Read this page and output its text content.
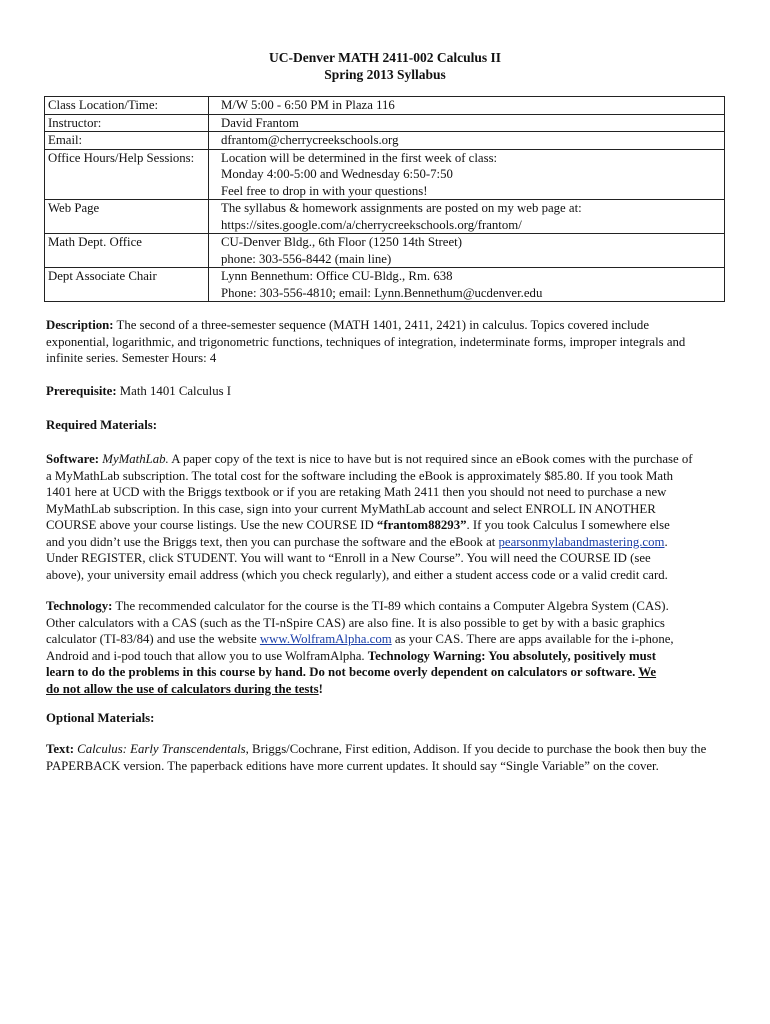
UC-Denver MATH 2411-002 Calculus II
Spring 2013 Syllabus
Class Location/Time:	M/W 5:00 - 6:50 PM in Plaza 116
Instructor:	David Frantom
Email:	dfrantom@cherrycreekschools.org
Office Hours/Help Sessions:	Location will be determined in the first week of class:
Monday 4:00-5:00 and Wednesday 6:50-7:50
Feel free to drop in with your questions!

Web Page	The syllabus & homework assignments are posted on my web page at:
https://sites.google.com/a/cherrycreekschools.org/frantom/

Math Dept. Office	CU-Denver Bldg., 6th Floor (1250 14th Street)
phone: 303-556-8442 (main line)

Dept Associate Chair	Lynn Bennethum: Office CU-Bldg., Rm. 638
Phone: 303-556-4810; email: Lynn.Bennethum@ucdenver.edu
Description: The second of a three-semester sequence (MATH 1401, 2411, 2421) in calculus. Topics covered include
exponential, logarithmic, and trigonometric functions, techniques of integration, indeterminate forms, improper integrals and
infinite series. Semester Hours: 4
Prerequisite: Math 1401 Calculus I
Required Materials:
Software: MyMathLab. A paper copy of the text is nice to have but is not required since an eBook comes with the purchase of
a MyMathLab subscription. The total cost for the software including the eBook is approximately $85.80. If you took Math
1401 here at UCD with the Briggs textbook or if you are retaking Math 2411 then you should not need to purchase a new
MyMathLab subscription. In this case, sign into your current MyMathLab account and select ENROLL IN ANOTHER
COURSE above your course listings. Use the new COURSE ID “frantom88293”. If you took Calculus I somewhere else
and you didn’t use the Briggs text, then you can purchase the software and the eBook at pearsonmylabandmastering.com.
Under REGISTER, click STUDENT. You will want to “Enroll in a New Course”. You will need the COURSE ID (see
above), your university email address (which you check regularly), and either a student access code or a valid credit card.
Technology: The recommended calculator for the course is the TI-89 which contains a Computer Algebra System (CAS).
Other calculators with a CAS (such as the TI-nSpire CAS) are also fine. It is also possible to get by with a basic graphics
calculator (TI-83/84) and use the website www.WolframAlpha.com as your CAS. There are apps available for the i-phone,
Android and i-pod touch that allow you to use WolframAlpha. Technology Warning: You absolutely, positively must
learn to do the problems in this course by hand. Do not become overly dependent on calculators or software. We
do not allow the use of calculators during the tests!
Optional Materials:
Text: Calculus: Early Transcendentals, Briggs/Cochrane, First edition, Addison. If you decide to purchase the book then buy the
PAPERBACK version. The paperback editions have more current updates. It should say “Single Variable” on the cover.
